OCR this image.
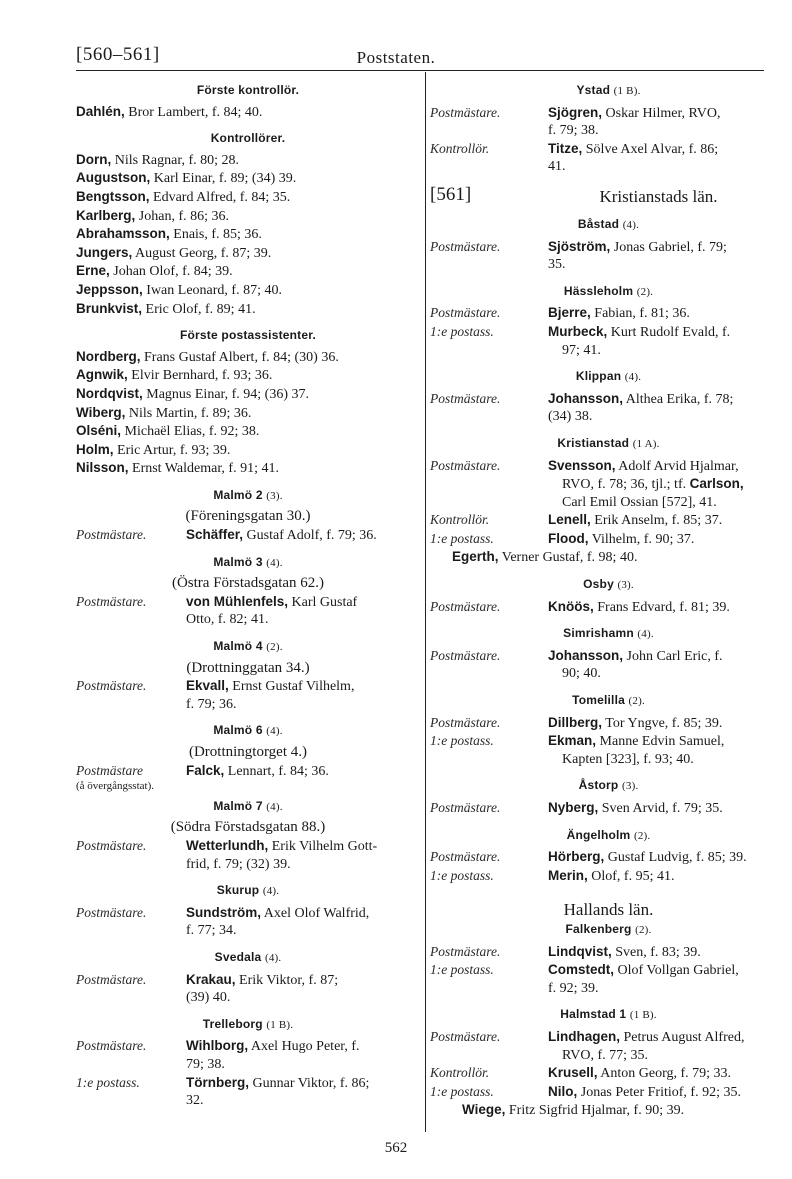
[560–561]	Poststaten.
Förste kontrollör.
Dahlén, Bror Lambert, f. 84; 40.
Kontrollörer.
Dorn, Nils Ragnar, f. 80; 28.
Augustson, Karl Einar, f. 89; (34) 39.
Bengtsson, Edvard Alfred, f. 84; 35.
Karlberg, Johan, f. 86; 36.
Abrahamsson, Enais, f. 85; 36.
Jungers, August Georg, f. 87; 39.
Erne, Johan Olof, f. 84; 39.
Jeppsson, Iwan Leonard, f. 87; 40.
Brunkvist, Eric Olof, f. 89; 41.
Förste postassistenter.
Nordberg, Frans Gustaf Albert, f. 84; (30) 36.
Agnwik, Elvir Bernhard, f. 93; 36.
Nordqvist, Magnus Einar, f. 94; (36) 37.
Wiberg, Nils Martin, f. 89; 36.
Olséni, Michaël Elias, f. 92; 38.
Holm, Eric Artur, f. 93; 39.
Nilsson, Ernst Waldemar, f. 91; 41.
Malmö 2 (3).
(Föreningsgatan 30.)
Postmästare.	Schäffer, Gustaf Adolf, f. 79; 36.
Malmö 3 (4).
(Östra Förstadsgatan 62.)
Postmästare.	von Mühlenfels, Karl Gustaf
Otto, f. 82; 41.
Malmö 4 (2).
(Drottninggatan 34.)
Postmästare.	Ekvall, Ernst Gustaf Vilhelm,
f. 79; 36.
Malmö 6 (4).
(Drottningtorget 4.)
Postmästare	Falck, Lennart, f. 84; 36.
(å övergångsstat).
Malmö 7 (4).
(Södra Förstadsgatan 88.)
Postmästare.	Wetterlundh, Erik Vilhelm Gott-
frid, f. 79; (32) 39.
Skurup (4).
Postmästare.	Sundström, Axel Olof Walfrid,
f. 77; 34.
Svedala (4).
Postmästare.	Krakau, Erik Viktor, f. 87;
(39) 40.
Trelleborg (1 B).
Postmästare.	Wihlborg, Axel Hugo Peter, f.
79; 38.
1:e postass.	Törnberg, Gunnar Viktor, f. 86;
32.
Ystad (1 B).
Postmästare.	Sjögren, Oskar Hilmer, RVO,
f. 79; 38.
Kontrollör.	Titze, Sölve Axel Alvar, f. 86;
41.
[561]	Kristianstads län.
Båstad (4).
Postmästare.	Sjöström, Jonas Gabriel, f. 79;
35.
Hässleholm (2).
Postmästare.	Bjerre, Fabian, f. 81; 36.
1:e postass.	Murbeck, Kurt Rudolf Evald, f.
97; 41.
Klippan (4).
Postmästare.	Johansson, Althea Erika, f. 78;
(34) 38.
Kristianstad (1 A).
Postmästare.	Svensson, Adolf Arvid Hjalmar,
RVO, f. 78; 36, tjl.; tf. Carlson,
Carl Emil Ossian [572], 41.
Kontrollör.	Lenell, Erik Anselm, f. 85; 37.
1:e postass.	Flood, Vilhelm, f. 90; 37.
Egerth, Verner Gustaf, f. 98; 40.
Osby (3).
Postmästare.	Knöös, Frans Edvard, f. 81; 39.
Simrishamn (4).
Postmästare.	Johansson, John Carl Eric, f.
90; 40.
Tomelilla (2).
Postmästare.	Dillberg, Tor Yngve, f. 85; 39.
1:e postass.	Ekman, Manne Edvin Samuel,
Kapten [323], f. 93; 40.
Åstorp (3).
Postmästare.	Nyberg, Sven Arvid, f. 79; 35.
Ängelholm (2).
Postmästare.	Hörberg, Gustaf Ludvig, f. 85; 39.
1:e postass.	Merin, Olof, f. 95; 41.
Hallands län.
Falkenberg (2).
Postmästare.	Lindqvist, Sven, f. 83; 39.
1:e postass.	Comstedt, Olof Vollgan Gabriel,
f. 92; 39.
Halmstad 1 (1 B).
Postmästare.	Lindhagen, Petrus August Alfred,
RVO, f. 77; 35.
Kontrollör.	Krusell, Anton Georg, f. 79; 33.
1:e postass.	Nilo, Jonas Peter Fritiof, f. 92; 35.
Wiege, Fritz Sigfrid Hjalmar, f. 90; 39.
562
